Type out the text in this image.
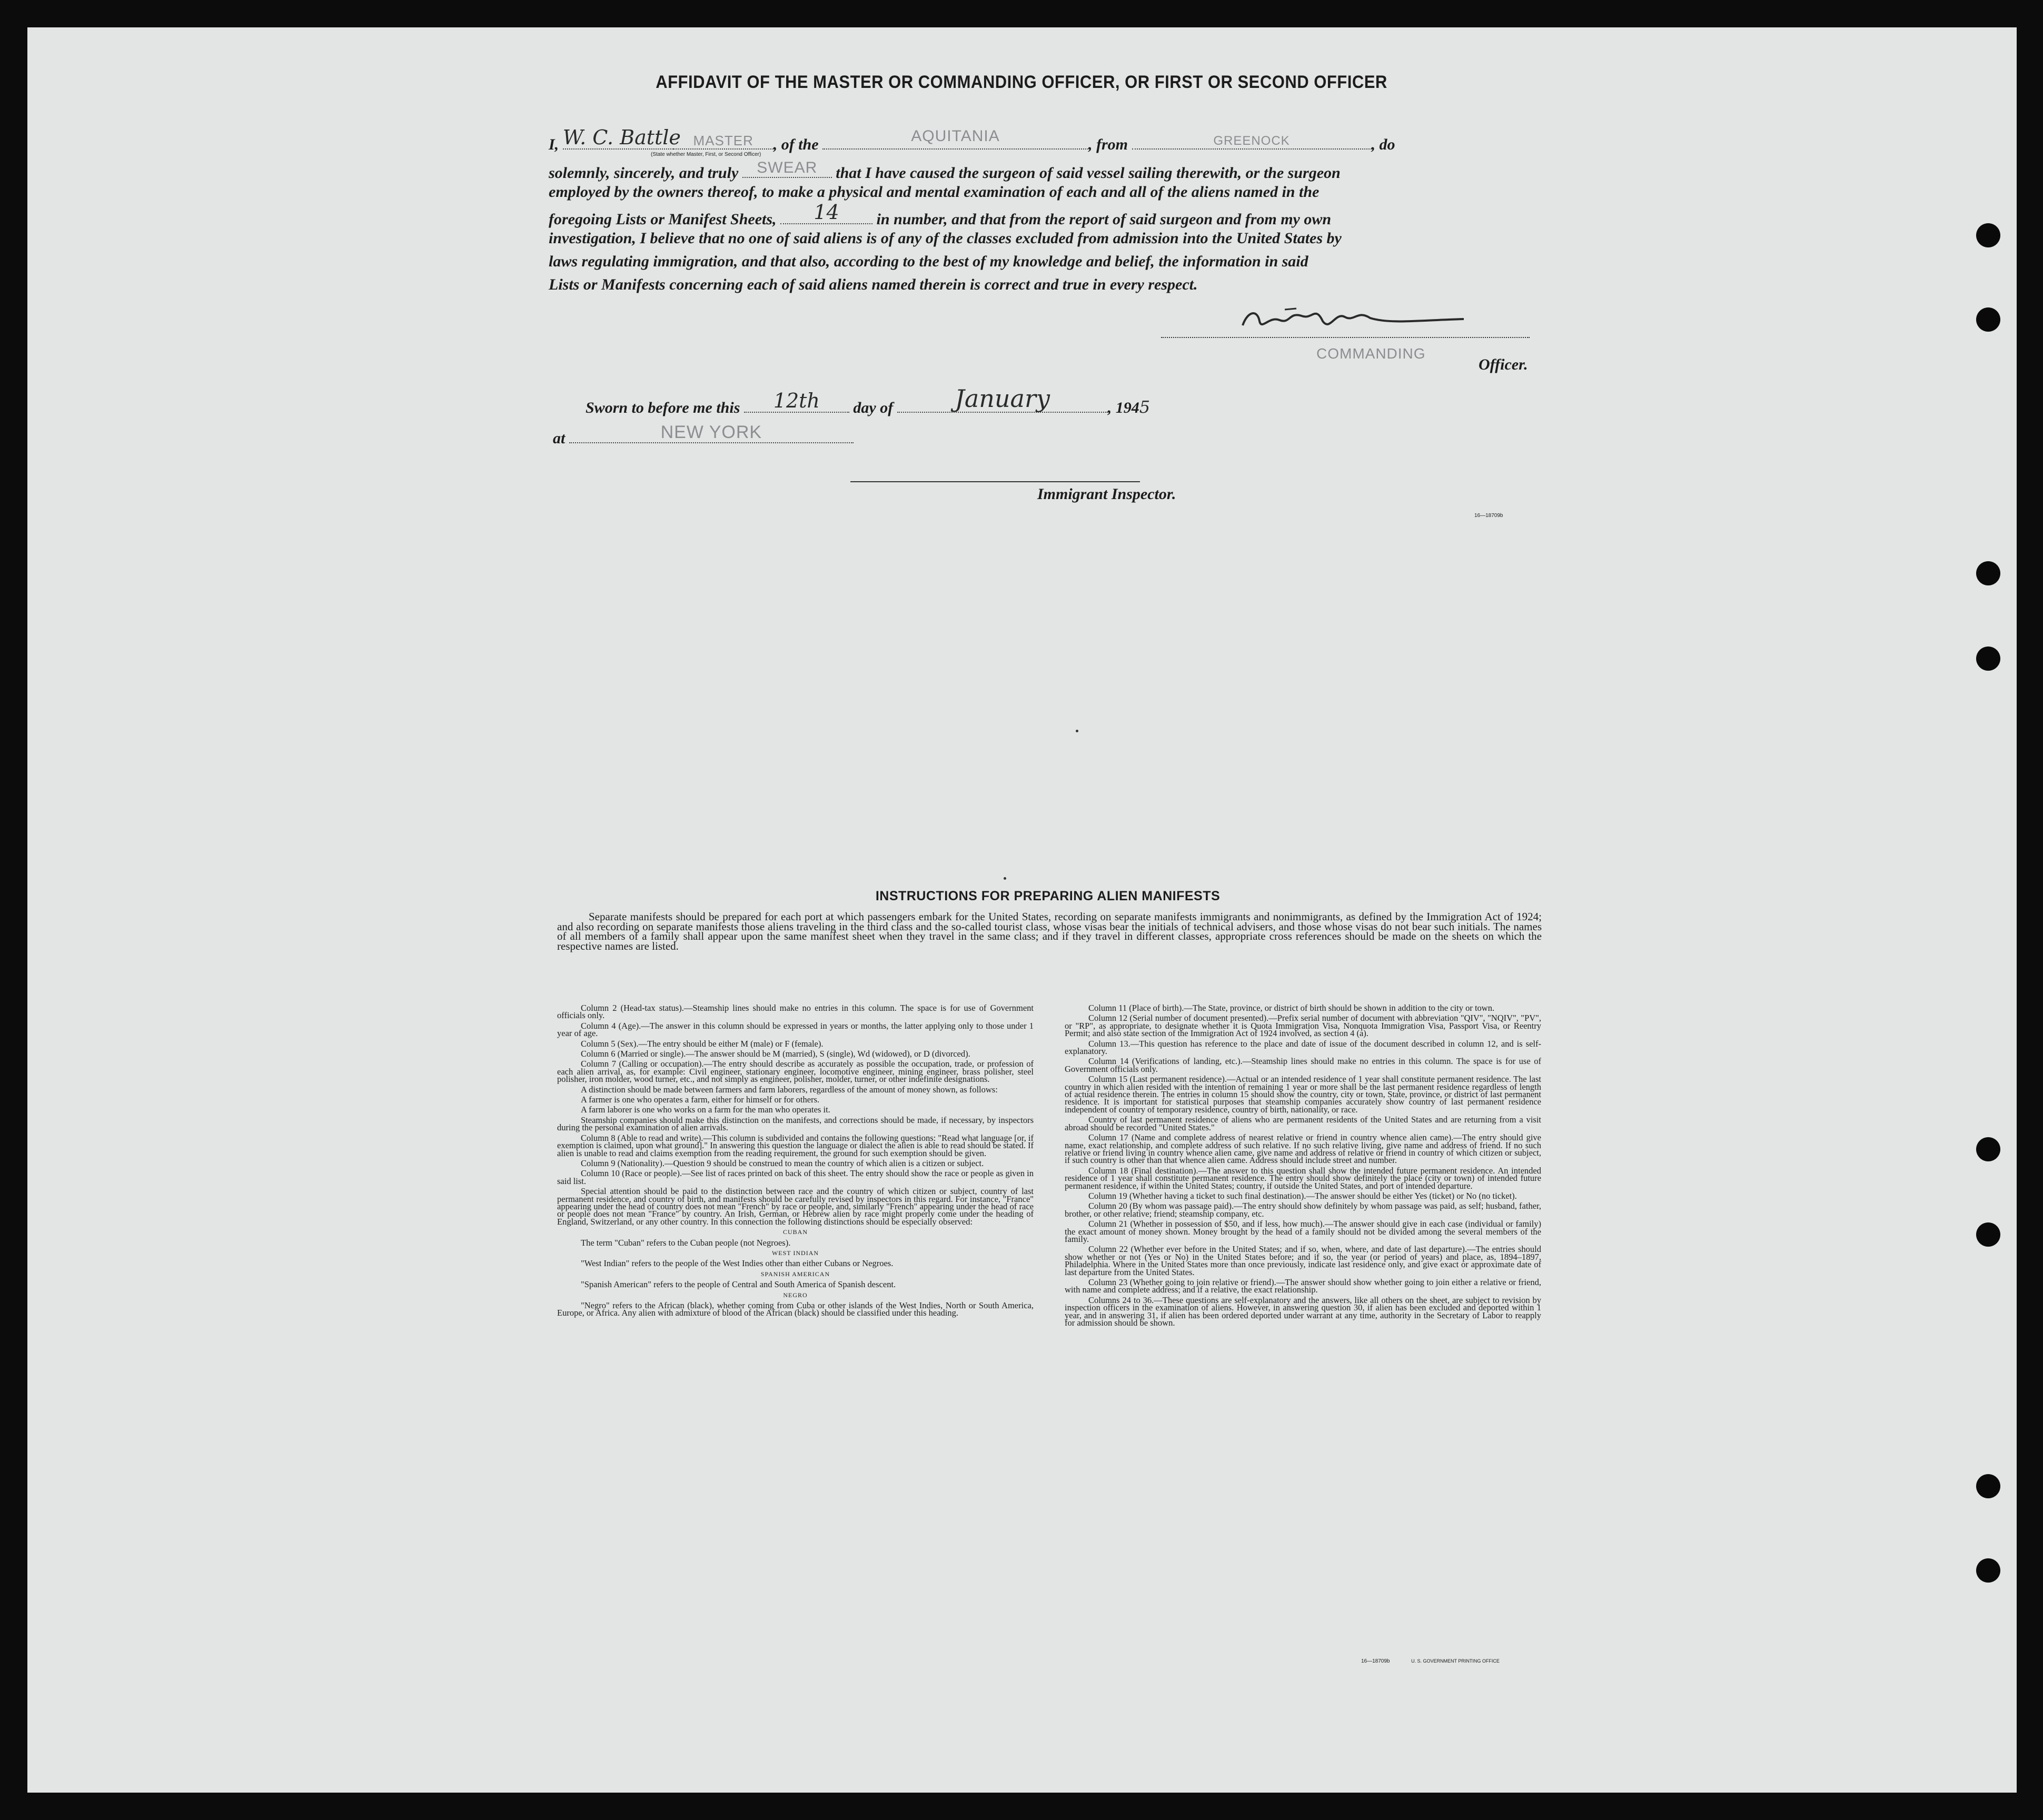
AFFIDAVIT OF THE MASTER OR COMMANDING OFFICER, OR FIRST OR SECOND OFFICER
I, W. C. Battle MASTER	, of the	AQUITANIA	, from	GREENOCK	, do
(State whether Master, First, or Second Officer)
solemnly, sincerely, and truly	SWEAR	that I have caused the surgeon of said vessel sailing therewith, or the surgeon
employed by the owners thereof, to make a physical and mental examination of each and all of the aliens named in the
foregoing Lists or Manifest Sheets,	14	in number, and that from the report of said surgeon and from my own
investigation, I believe that no one of said aliens is of any of the classes excluded from admission into the United States by
laws regulating immigration, and that also, according to the best of my knowledge and belief, the information in said
Lists or Manifests concerning each of said aliens named therein is correct and true in every respect.
COMMANDING
Officer.
Sworn to before me this	12th	day of	January	, 1945
at	NEW YORK
Immigrant Inspector.
16—18709b
INSTRUCTIONS FOR PREPARING ALIEN MANIFESTS
Separate manifests should be prepared for each port at which passengers embark for the United States, recording on separate manifests immigrants and nonimmigrants, as defined by the Immigration Act of 1924; and also recording on separate manifests those aliens traveling in the third class and the so-called tourist class, whose visas bear the initials of technical advisers, and those whose visas do not bear such initials. The names of all members of a family shall appear upon the same manifest sheet when they travel in the same class; and if they travel in different classes, appropriate cross references should be made on the sheets on which the respective names are listed.

Column 2 (Head-tax status).—Steamship lines should make no entries in this column. The space is for use of Government officials only.

Column 4 (Age).—The answer in this column should be expressed in years or months, the latter applying only to those under 1 year of age.

Column 5 (Sex).—The entry should be either M (male) or F (female).

Column 6 (Married or single).—The answer should be M (married), S (single), Wd (widowed), or D (divorced).

Column 7 (Calling or occupation).—The entry should describe as accurately as possible the occupation, trade, or profession of each alien arrival, as, for example: Civil engineer, stationary engineer, locomotive engineer, mining engineer, brass polisher, steel polisher, iron molder, wood turner, etc., and not simply as engineer, polisher, molder, turner, or other indefinite designations.

A distinction should be made between farmers and farm laborers, regardless of the amount of money shown, as follows:

A farmer is one who operates a farm, either for himself or for others.

A farm laborer is one who works on a farm for the man who operates it.

Steamship companies should make this distinction on the manifests, and corrections should be made, if necessary, by inspectors during the personal examination of alien arrivals.

Column 8 (Able to read and write).—This column is subdivided and contains the following questions: "Read what language [or, if exemption is claimed, upon what ground]." In answering this question the language or dialect the alien is able to read should be stated. If alien is unable to read and claims exemption from the reading requirement, the ground for such exemption should be given.

Column 9 (Nationality).—Question 9 should be construed to mean the country of which alien is a citizen or subject.

Column 10 (Race or people).—See list of races printed on back of this sheet. The entry should show the race or people as given in said list.

Special attention should be paid to the distinction between race and the country of which citizen or subject, country of last permanent residence, and country of birth, and manifests should be carefully revised by inspectors in this regard. For instance, "France" appearing under the head of country does not mean "French" by race or people, and, similarly "French" appearing under the head of race or people does not mean "France" by country. An Irish, German, or Hebrew alien by race might properly come under the heading of England, Switzerland, or any other country. In this connection the following distinctions should be especially observed:

CUBAN

The term "Cuban" refers to the Cuban people (not Negroes).

WEST INDIAN

"West Indian" refers to the people of the West Indies other than either Cubans or Negroes.

SPANISH AMERICAN

"Spanish American" refers to the people of Central and South America of Spanish descent.

NEGRO

"Negro" refers to the African (black), whether coming from Cuba or other islands of the West Indies, North or South America, Europe, or Africa. Any alien with admixture of blood of the African (black) should be classified under this heading.

Column 11 (Place of birth).—The State, province, or district of birth should be shown in addition to the city or town.

Column 12 (Serial number of document presented).—Prefix serial number of document with abbreviation "QIV", "NQIV", "PV", or "RP", as appropriate, to designate whether it is Quota Immigration Visa, Nonquota Immigration Visa, Passport Visa, or Reentry Permit; and also state section of the Immigration Act of 1924 involved, as section 4 (a).

Column 13.—This question has reference to the place and date of issue of the document described in column 12, and is self-explanatory.

Column 14 (Verifications of landing, etc.).—Steamship lines should make no entries in this column. The space is for use of Government officials only.

Column 15 (Last permanent residence).—Actual or an intended residence of 1 year shall constitute permanent residence. The last country in which alien resided with the intention of remaining 1 year or more shall be the last permanent residence regardless of length of actual residence therein. The entries in column 15 should show the country, city or town, State, province, or district of last permanent residence. It is important for statistical purposes that steamship companies accurately show country of last permanent residence independent of country of temporary residence, country of birth, nationality, or race.

Country of last permanent residence of aliens who are permanent residents of the United States and are returning from a visit abroad should be recorded "United States."

Column 17 (Name and complete address of nearest relative or friend in country whence alien came).—The entry should give name, exact relationship, and complete address of such relative. If no such relative living, give name and address of friend. If no such relative or friend living in country whence alien came, give name and address of relative or friend in country of which citizen or subject, if such country is other than that whence alien came. Address should include street and number.

Column 18 (Final destination).—The answer to this question shall show the intended future permanent residence. An intended residence of 1 year shall constitute permanent residence. The entry should show definitely the place (city or town) of intended future permanent residence, if within the United States; country, if outside the United States, and port of intended departure.

Column 19 (Whether having a ticket to such final destination).—The answer should be either Yes (ticket) or No (no ticket).

Column 20 (By whom was passage paid).—The entry should show definitely by whom passage was paid, as self; husband, father, brother, or other relative; friend; steamship company, etc.

Column 21 (Whether in possession of $50, and if less, how much).—The answer should give in each case (individual or family) the exact amount of money shown. Money brought by the head of a family should not be divided among the several members of the family.

Column 22 (Whether ever before in the United States; and if so, when, where, and date of last departure).—The entries should show whether or not (Yes or No) in the United States before; and if so, the year (or period of years) and place, as, 1894–1897, Philadelphia. Where in the United States more than once previously, indicate last residence only, and give exact or approximate date of last departure from the United States.

Column 23 (Whether going to join relative or friend).—The answer should show whether going to join either a relative or friend, with name and complete address; and if a relative, the exact relationship.

Columns 24 to 36.—These questions are self-explanatory and the answers, like all others on the sheet, are subject to revision by inspection officers in the examination of aliens. However, in answering question 30, if alien has been excluded and deported within 1 year, and in answering 31, if alien has been ordered deported under warrant at any time, authority in the Secretary of Labor to reapply for admission should be shown.

16—18709b	U. S. GOVERNMENT PRINTING OFFICE
